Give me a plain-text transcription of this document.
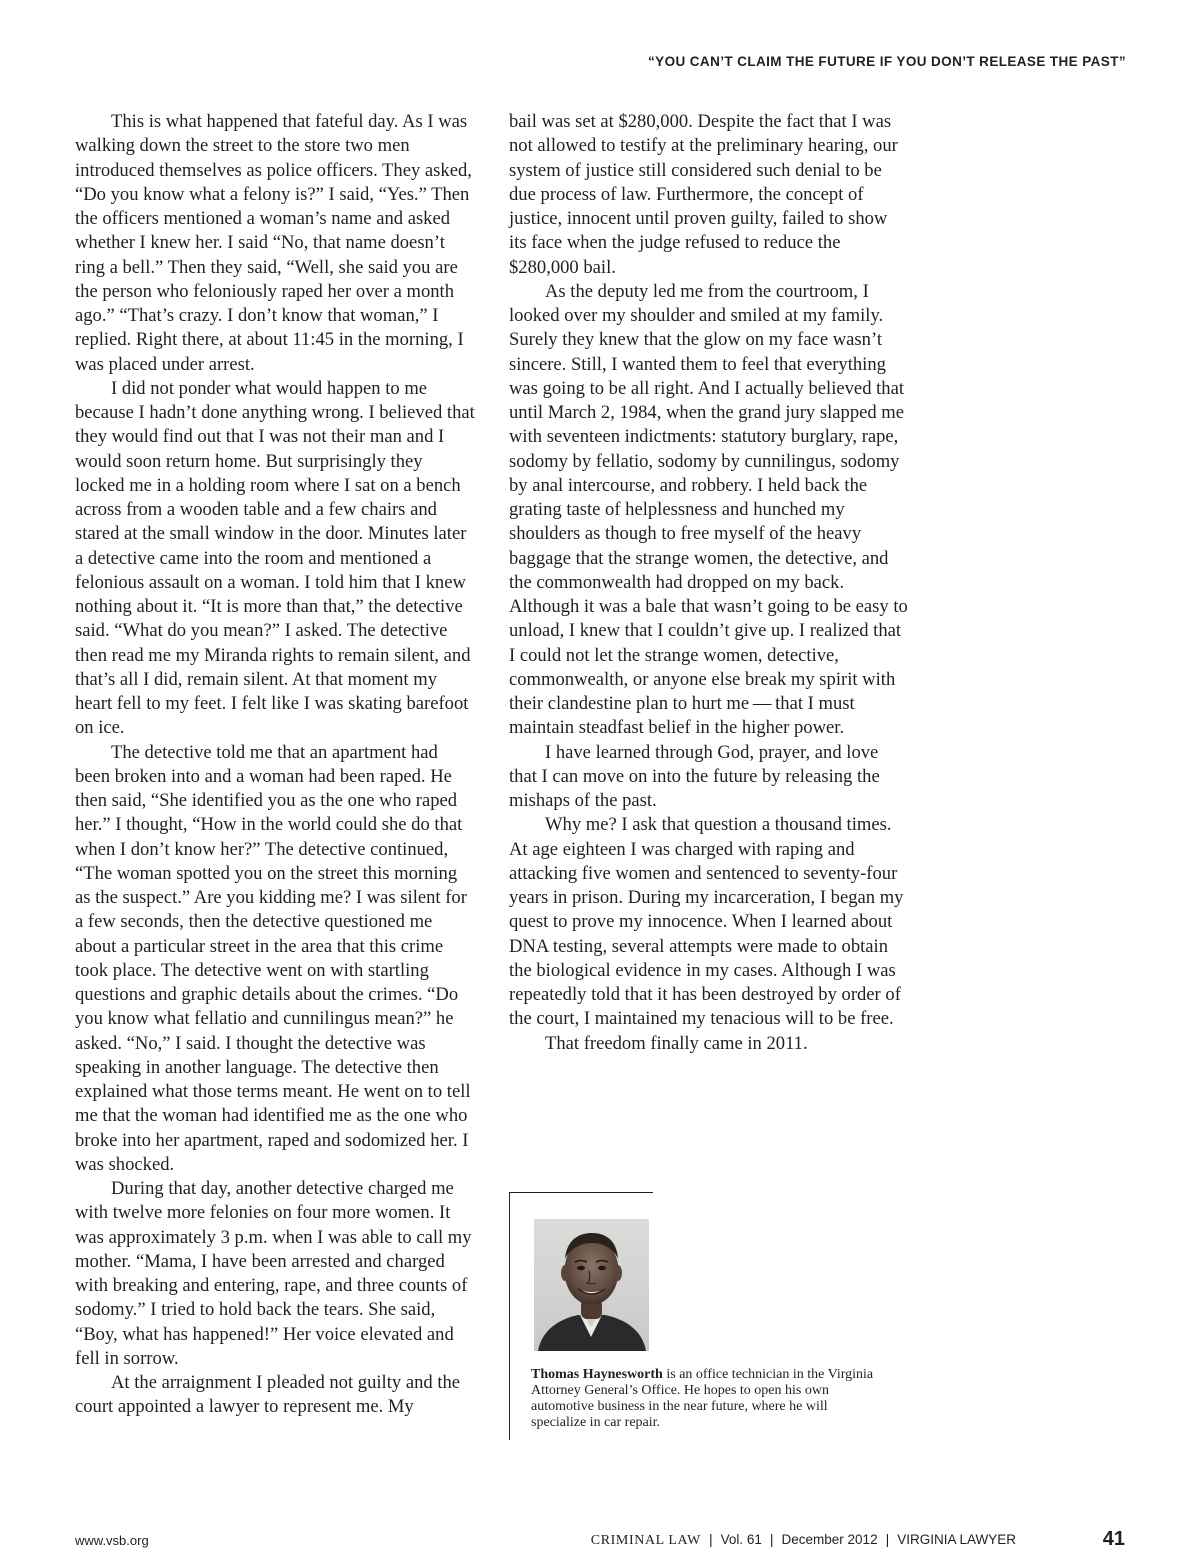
“YOU CAN’T CLAIM THE FUTURE IF YOU DON’T RELEASE THE PAST”

This is what happened that fateful day. As I was walking down the street to the store two men introduced themselves as police officers. They asked, “Do you know what a felony is?” I said, “Yes.” Then the officers mentioned a woman’s name and asked whether I knew her. I said “No, that name doesn’t ring a bell.” Then they said, “Well, she said you are the person who feloniously raped her over a month ago.” “That’s crazy. I don’t know that woman,” I replied. Right there, at about 11:45 in the morning, I was placed under arrest.

I did not ponder what would happen to me because I hadn’t done anything wrong. I believed that they would find out that I was not their man and I would soon return home. But surprisingly they locked me in a holding room where I sat on a bench across from a wooden table and a few chairs and stared at the small window in the door. Minutes later a detective came into the room and mentioned a felonious assault on a woman. I told him that I knew nothing about it. “It is more than that,” the detective said. “What do you mean?” I asked. The detective then read me my Miranda rights to remain silent, and that’s all I did, remain silent. At that moment my heart fell to my feet. I felt like I was skating barefoot on ice.

The detective told me that an apartment had been broken into and a woman had been raped. He then said, “She identified you as the one who raped her.” I thought, “How in the world could she do that when I don’t know her?” The detective continued, “The woman spotted you on the street this morning as the suspect.” Are you kidding me? I was silent for a few seconds, then the detective questioned me about a particular street in the area that this crime took place. The detective went on with startling questions and graphic details about the crimes. “Do you know what fellatio and cunnilingus mean?” he asked. “No,” I said. I thought the detective was speaking in another language. The detective then explained what those terms meant. He went on to tell me that the woman had identified me as the one who broke into her apartment, raped and sodomized her. I was shocked.

During that day, another detective charged me with twelve more felonies on four more women. It was approximately 3 p.m. when I was able to call my mother. “Mama, I have been arrested and charged with breaking and entering, rape, and three counts of sodomy.” I tried to hold back the tears. She said, “Boy, what has happened!” Her voice elevated and fell in sorrow.

At the arraignment I pleaded not guilty and the court appointed a lawyer to represent me. My

bail was set at $280,000. Despite the fact that I was not allowed to testify at the preliminary hearing, our system of justice still considered such denial to be due process of law. Furthermore, the concept of justice, innocent until proven guilty, failed to show its face when the judge refused to reduce the $280,000 bail.

As the deputy led me from the courtroom, I looked over my shoulder and smiled at my family. Surely they knew that the glow on my face wasn’t sincere. Still, I wanted them to feel that everything was going to be all right. And I actually believed that until March 2, 1984, when the grand jury slapped me with seventeen indictments: statutory burglary, rape, sodomy by fellatio, sodomy by cunnilingus, sodomy by anal intercourse, and robbery. I held back the grating taste of helplessness and hunched my shoulders as though to free myself of the heavy baggage that the strange women, the detective, and the commonwealth had dropped on my back. Although it was a bale that wasn’t going to be easy to unload, I knew that I couldn’t give up. I realized that I could not let the strange women, detective, commonwealth, or anyone else break my spirit with their clandestine plan to hurt me — that I must maintain steadfast belief in the higher power.

I have learned through God, prayer, and love that I can move on into the future by releasing the mishaps of the past.

Why me? I ask that question a thousand times. At age eighteen I was charged with raping and attacking five women and sentenced to seventy-four years in prison. During my incarceration, I began my quest to prove my innocence. When I learned about DNA testing, several attempts were made to obtain the biological evidence in my cases. Although I was repeatedly told that it has been destroyed by order of the court, I maintained my tenacious will to be free.

That freedom finally came in 2011.

Thomas Haynesworth is an office technician in the Virginia Attorney General’s Office. He hopes to open his own automotive business in the near future, where he will specialize in car repair.
www.vsb.org	CRIMINAL LAW | Vol. 61 | December 2012 | VIRGINIA LAWYER	41
